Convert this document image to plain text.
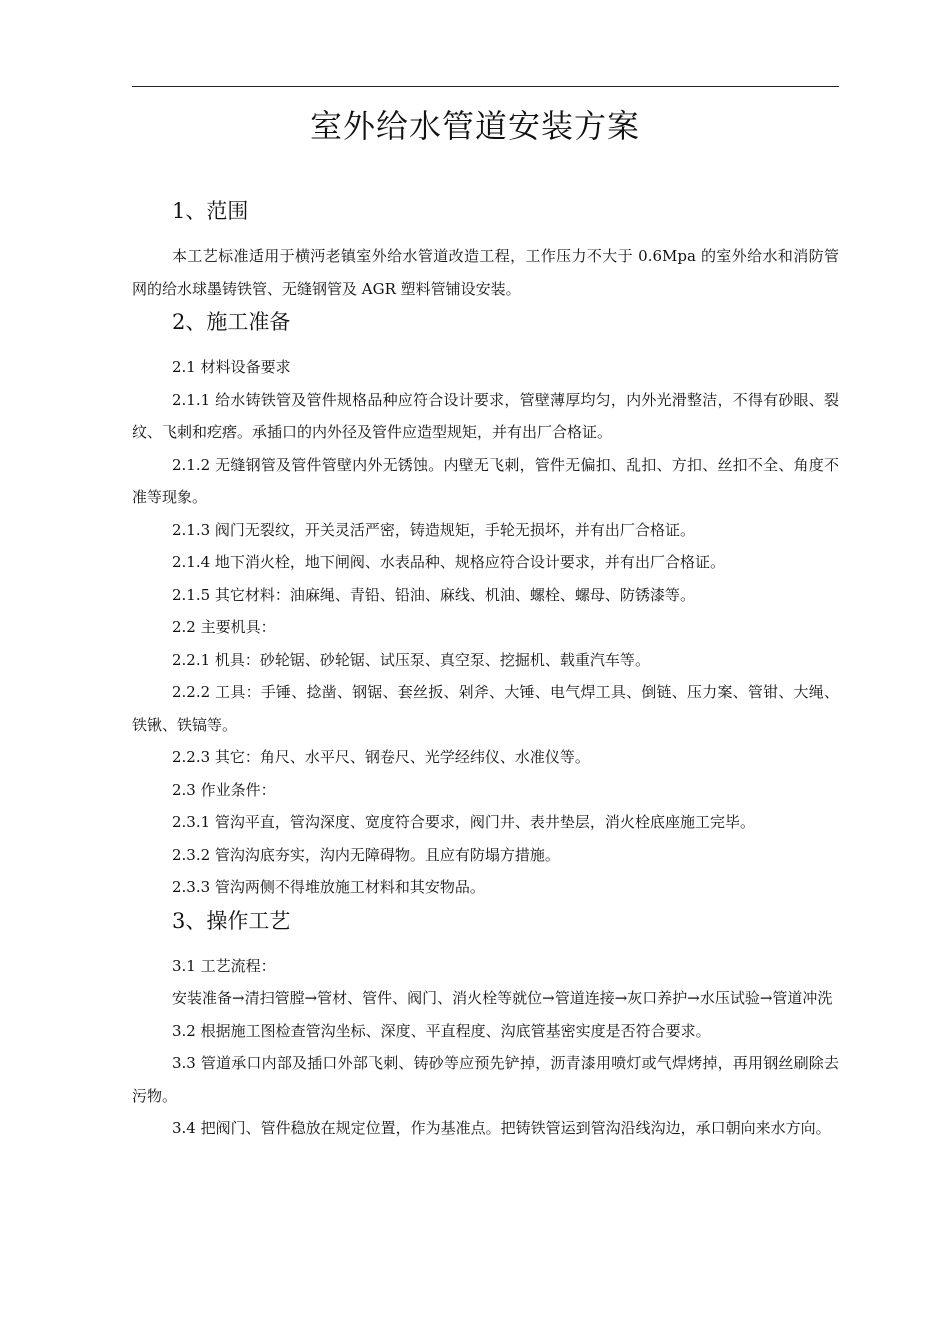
室外给水管道安装方案
1、范围

本工艺标准适用于横沔老镇室外给水管道改造工程，工作压力不大于 0.6Mpa 的室外给水和消防管网的给水球墨铸铁管、无缝钢管及 AGR 塑料管铺设安装。

2、施工准备

2.1 材料设备要求

2.1.1 给水铸铁管及管件规格品种应符合设计要求，管壁薄厚均匀，内外光滑整洁，不得有砂眼、裂纹、飞刺和疙瘩。承插口的内外径及管件应造型规矩，并有出厂合格证。

2.1.2 无缝钢管及管件管壁内外无锈蚀。内壁无飞刺，管件无偏扣、乱扣、方扣、丝扣不全、角度不准等现象。

2.1.3 阀门无裂纹，开关灵活严密，铸造规矩，手轮无损坏，并有出厂合格证。

2.1.4 地下消火栓，地下闸阀、水表品种、规格应符合设计要求，并有出厂合格证。

2.1.5 其它材料：油麻绳、青铅、铅油、麻线、机油、螺栓、螺母、防锈漆等。

2.2 主要机具：

2.2.1 机具：砂轮锯、砂轮锯、试压泵、真空泵、挖掘机、载重汽车等。

2.2.2 工具：手锤、捻凿、钢锯、套丝扳、剁斧、大锤、电气焊工具、倒链、压力案、管钳、大绳、铁锹、铁镐等。

2.2.3 其它：角尺、水平尺、钢卷尺、光学经纬仪、水准仪等。

2.3 作业条件：

2.3.1 管沟平直，管沟深度、宽度符合要求，阀门井、表井垫层，消火栓底座施工完毕。

2.3.2 管沟沟底夯实，沟内无障碍物。且应有防塌方措施。

2.3.3 管沟两侧不得堆放施工材料和其安物品。

3、操作工艺

3.1 工艺流程：

安装准备→清扫管膛→管材、管件、阀门、消火栓等就位→管道连接→灰口养护→水压试验→管道冲洗

3.2 根据施工图检查管沟坐标、深度、平直程度、沟底管基密实度是否符合要求。

3.3 管道承口内部及插口外部飞刺、铸砂等应预先铲掉，沥青漆用喷灯或气焊烤掉，再用钢丝刷除去污物。

3.4 把阀门、管件稳放在规定位置，作为基准点。把铸铁管运到管沟沿线沟边，承口朝向来水方向。
